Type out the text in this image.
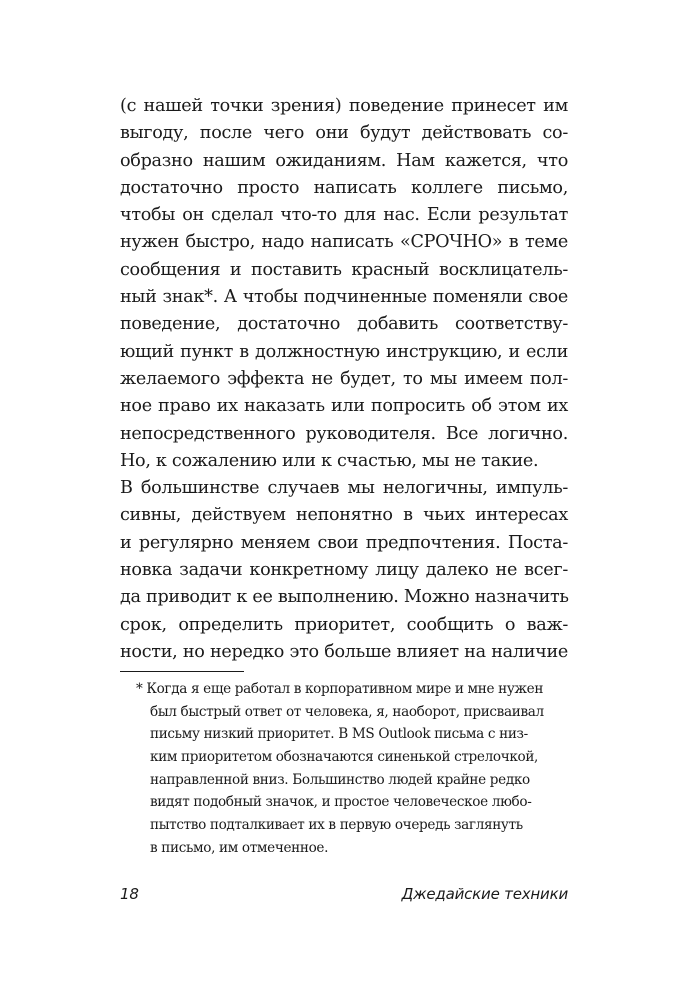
(с нашей точки зрения) поведение принесет им
выгоду, после чего они будут действовать со-
образно нашим ожиданиям. Нам кажется, что
достаточно просто написать коллеге письмо,
чтобы он сделал что-то для нас. Если результат
нужен быстро, надо написать «СРОЧНО» в теме
сообщения и поставить красный восклицатель-
ный знак*. А чтобы подчиненные поменяли свое
поведение, достаточно добавить соответству-
ющий пункт в должностную инструкцию, и если
желаемого эффекта не будет, то мы имеем пол-
ное право их наказать или попросить об этом их
непосредственного руководителя. Все логично.
Но, к сожалению или к счастью, мы не такие.
В большинстве случаев мы нелогичны, импуль-
сивны, действуем непонятно в чьих интересах
и регулярно меняем свои предпочтения. Поста-
новка задачи конкретному лицу далеко не всег-
да приводит к ее выполнению. Можно назначить
срок, определить приоритет, сообщить о важ-
ности, но нередко это больше влияет на наличие
* Когда я еще работал в корпоративном мире и мне нужен
был быстрый ответ от человека, я, наоборот, присваивал
письму низкий приоритет. В MS Outlook письма с низ-
ким приоритетом обозначаются синенькой стрелочкой,
направленной вниз. Большинство людей крайне редко
видят подобный значок, и простое человеческое любо-
пытство подталкивает их в первую очередь заглянуть
в письмо, им отмеченное.
18	Джедайские техники
